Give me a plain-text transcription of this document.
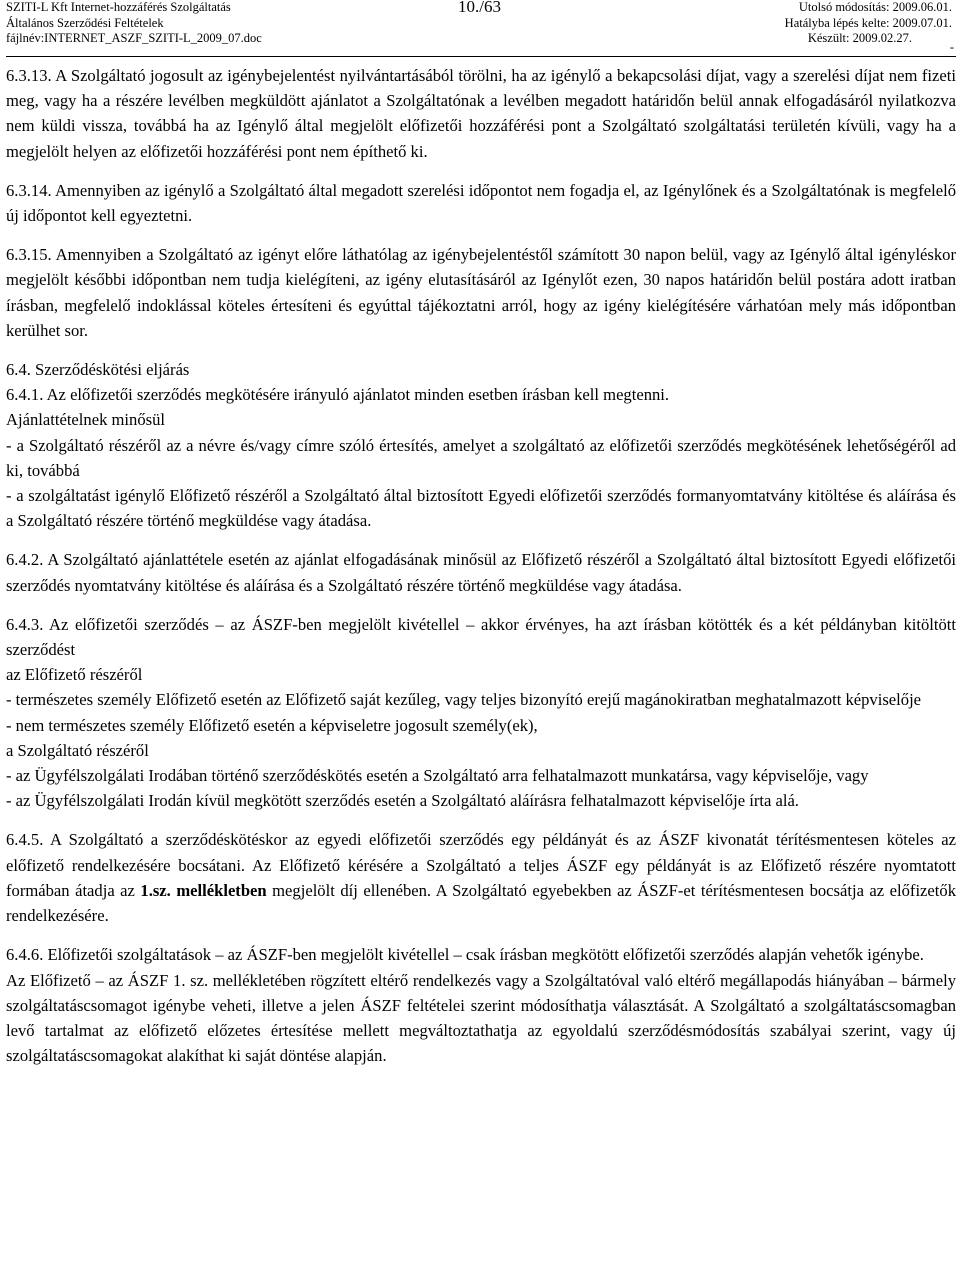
SZITI-L Kft Internet-hozzáférés Szolgáltatás
Általános Szerződési Feltételek
fájlnév:INTERNET_ASZF_SZITI-L_2009_07.doc
10./63	Utolsó módosítás: 2009.06.01.
Hatályba lépés kelte: 2009.07.01.
Készült: 2009.02.27.
-

6.3.13. A Szolgáltató jogosult az igénybejelentést nyilvántartásából törölni, ha az igénylő a bekapcsolási díjat, vagy a szerelési díjat nem fizeti meg, vagy ha a részére levélben megküldött ajánlatot a Szolgáltatónak a levélben megadott határidőn belül annak elfogadásáról nyilatkozva nem küldi vissza, továbbá ha az Igénylő által megjelölt előfizetői hozzáférési pont a Szolgáltató szolgáltatási területén kívüli, vagy ha a megjelölt helyen az előfizetői hozzáférési pont nem építhető ki.

6.3.14. Amennyiben az igénylő a Szolgáltató által megadott szerelési időpontot nem fogadja el, az Igénylőnek és a Szolgáltatónak is megfelelő új időpontot kell egyeztetni.

6.3.15. Amennyiben a Szolgáltató az igényt előre láthatólag az igénybejelentéstől számított 30 napon belül, vagy az Igénylő által igényléskor megjelölt későbbi időpontban nem tudja kielégíteni, az igény elutasításáról az Igénylőt ezen, 30 napos határidőn belül postára adott iratban írásban, megfelelő indoklással köteles értesíteni és egyúttal tájékoztatni arról, hogy az igény kielégítésére várhatóan mely más időpontban kerülhet sor.

6.4. Szerződéskötési eljárás

6.4.1. Az előfizetői szerződés megkötésére irányuló ajánlatot minden esetben írásban kell megtenni.

Ajánlattételnek minősül

- a Szolgáltató részéről az a névre és/vagy címre szóló értesítés, amelyet a szolgáltató az előfizetői szerződés megkötésének lehetőségéről ad ki, továbbá

- a szolgáltatást igénylő Előfizető részéről a Szolgáltató által biztosított Egyedi előfizetői szerződés formanyomtatvány kitöltése és aláírása és a Szolgáltató részére történő megküldése vagy átadása.

6.4.2. A Szolgáltató ajánlattétele esetén az ajánlat elfogadásának minősül az Előfizető részéről a Szolgáltató által biztosított Egyedi előfizetői szerződés nyomtatvány kitöltése és aláírása és a Szolgáltató részére történő megküldése vagy átadása.

6.4.3. Az előfizetői szerződés – az ÁSZF-ben megjelölt kivétellel – akkor érvényes, ha azt írásban kötötték és a két példányban kitöltött szerződést

az Előfizető részéről

- természetes személy Előfizető esetén az Előfizető saját kezűleg, vagy teljes bizonyító erejű magánokiratban meghatalmazott képviselője

- nem természetes személy Előfizető esetén a képviseletre jogosult személy(ek),

a Szolgáltató részéről

- az Ügyfélszolgálati Irodában történő szerződéskötés esetén a Szolgáltató arra felhatalmazott munkatársa, vagy képviselője, vagy

- az Ügyfélszolgálati Irodán kívül megkötött szerződés esetén a Szolgáltató aláírásra felhatalmazott képviselője írta alá.

6.4.5. A Szolgáltató a szerződéskötéskor az egyedi előfizetői szerződés egy példányát és az ÁSZF kivonatát térítésmentesen köteles az előfizető rendelkezésére bocsátani. Az Előfizető kérésére a Szolgáltató a teljes ÁSZF egy példányát is az Előfizető részére nyomtatott formában átadja az 1.sz. mellékletben megjelölt díj ellenében. A Szolgáltató egyebekben az ÁSZF-et térítésmentesen bocsátja az előfizetők rendelkezésére.

6.4.6. Előfizetői szolgáltatások – az ÁSZF-ben megjelölt kivétellel – csak írásban megkötött előfizetői szerződés alapján vehetők igénybe.

Az Előfizető – az ÁSZF 1. sz. mellékletében rögzített eltérő rendelkezés vagy a Szolgáltatóval való eltérő megállapodás hiányában – bármely szolgáltatáscsomagot igénybe veheti, illetve a jelen ÁSZF feltételei szerint módosíthatja választását. A Szolgáltató a szolgáltatáscsomagban levő tartalmat az előfizető előzetes értesítése mellett megváltoztathatja az egyoldalú szerződésmódosítás szabályai szerint, vagy új szolgáltatáscsomagokat alakíthat ki saját döntése alapján.
